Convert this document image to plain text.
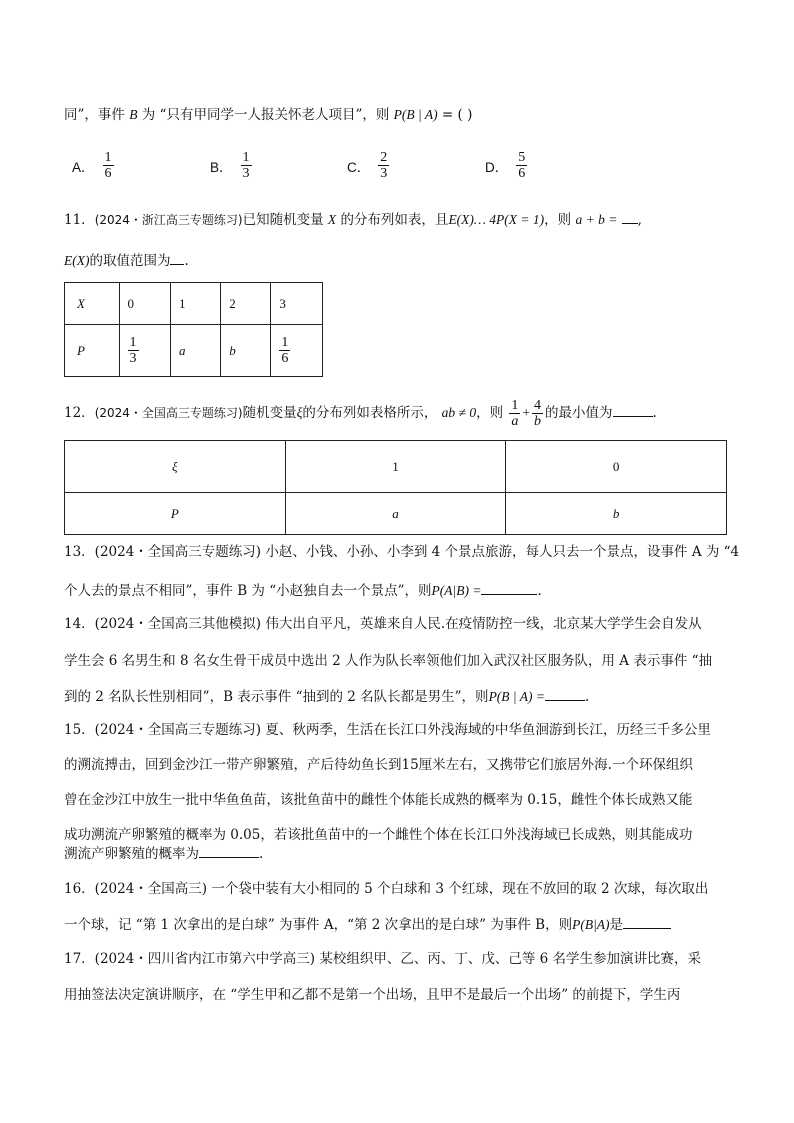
同”，事件 B 为 “只有甲同学一人报关怀老人项目”，则 P(B | A) = ( )
A． $\frac{1}{6}$	B． $\frac{1}{3}$	C． $\frac{2}{3}$	D． $\frac{5}{6}$
11．(2024・浙江高三专题练习)已知随机变量 X 的分布列如表，且E(X)… 4P(X = 1)，则 a + b = ,
E(X)的取值范围为 .
X	0	1	2	3
P	$\frac{1}{3}$	a	b	$\frac{1}{6}$
12．(2024・全国高三专题练习)随机变量ξ的分布列如表格所示， ab ≠ 0，则 $\frac{1}{a} + \frac{4}{b}$ 的最小值为	.
ξ	1	0
P	a	b
13．(2024・全国高三专题练习) 小赵、小钱、小孙、小李到 4 个景点旅游，每人只去一个景点，设事件 A 为 “4
个人去的景点不相同”，事件 B 为 “小赵独自去一个景点”，则P(A|B) =	.
14．(2024・全国高三其他模拟) 伟大出自平凡，英雄来自人民.在疫情防控一线，北京某大学学生会自发从
学生会 6 名男生和 8 名女生骨干成员中选出 2 人作为队长率领他们加入武汉社区服务队，用 A 表示事件 “抽
到的 2 名队长性别相同”，B 表示事件 “抽到的 2 名队长都是男生”，则P(B | A) =	.
15．(2024・全国高三专题练习) 夏、秋两季，生活在长江口外浅海域的中华鱼洄游到长江，历经三千多公里
的溯流搏击，回到金沙江一带产卵繁殖，产后待幼鱼长到15厘米左右，又携带它们旅居外海.一个环保组织
曾在金沙江中放生一批中华鱼鱼苗，该批鱼苗中的雌性个体能长成熟的概率为 0.15，雌性个体长成熟又能
成功溯流产卵繁殖的概率为 0.05，若该批鱼苗中的一个雌性个体在长江口外浅海域已长成熟，则其能成功
溯流产卵繁殖的概率为	.
16．(2024・全国高三) 一个袋中装有大小相同的 5 个白球和 3 个红球，现在不放回的取 2 次球，每次取出
一个球，记 “第 1 次拿出的是白球” 为事件 A，“第 2 次拿出的是白球” 为事件 B，则P(B|A)是
17．(2024・四川省内江市第六中学高三) 某校组织甲、乙、丙、丁、戊、己等 6 名学生参加演讲比赛，采
用抽签法决定演讲顺序，在 “学生甲和乙都不是第一个出场，且甲不是最后一个出场” 的前提下，学生丙
